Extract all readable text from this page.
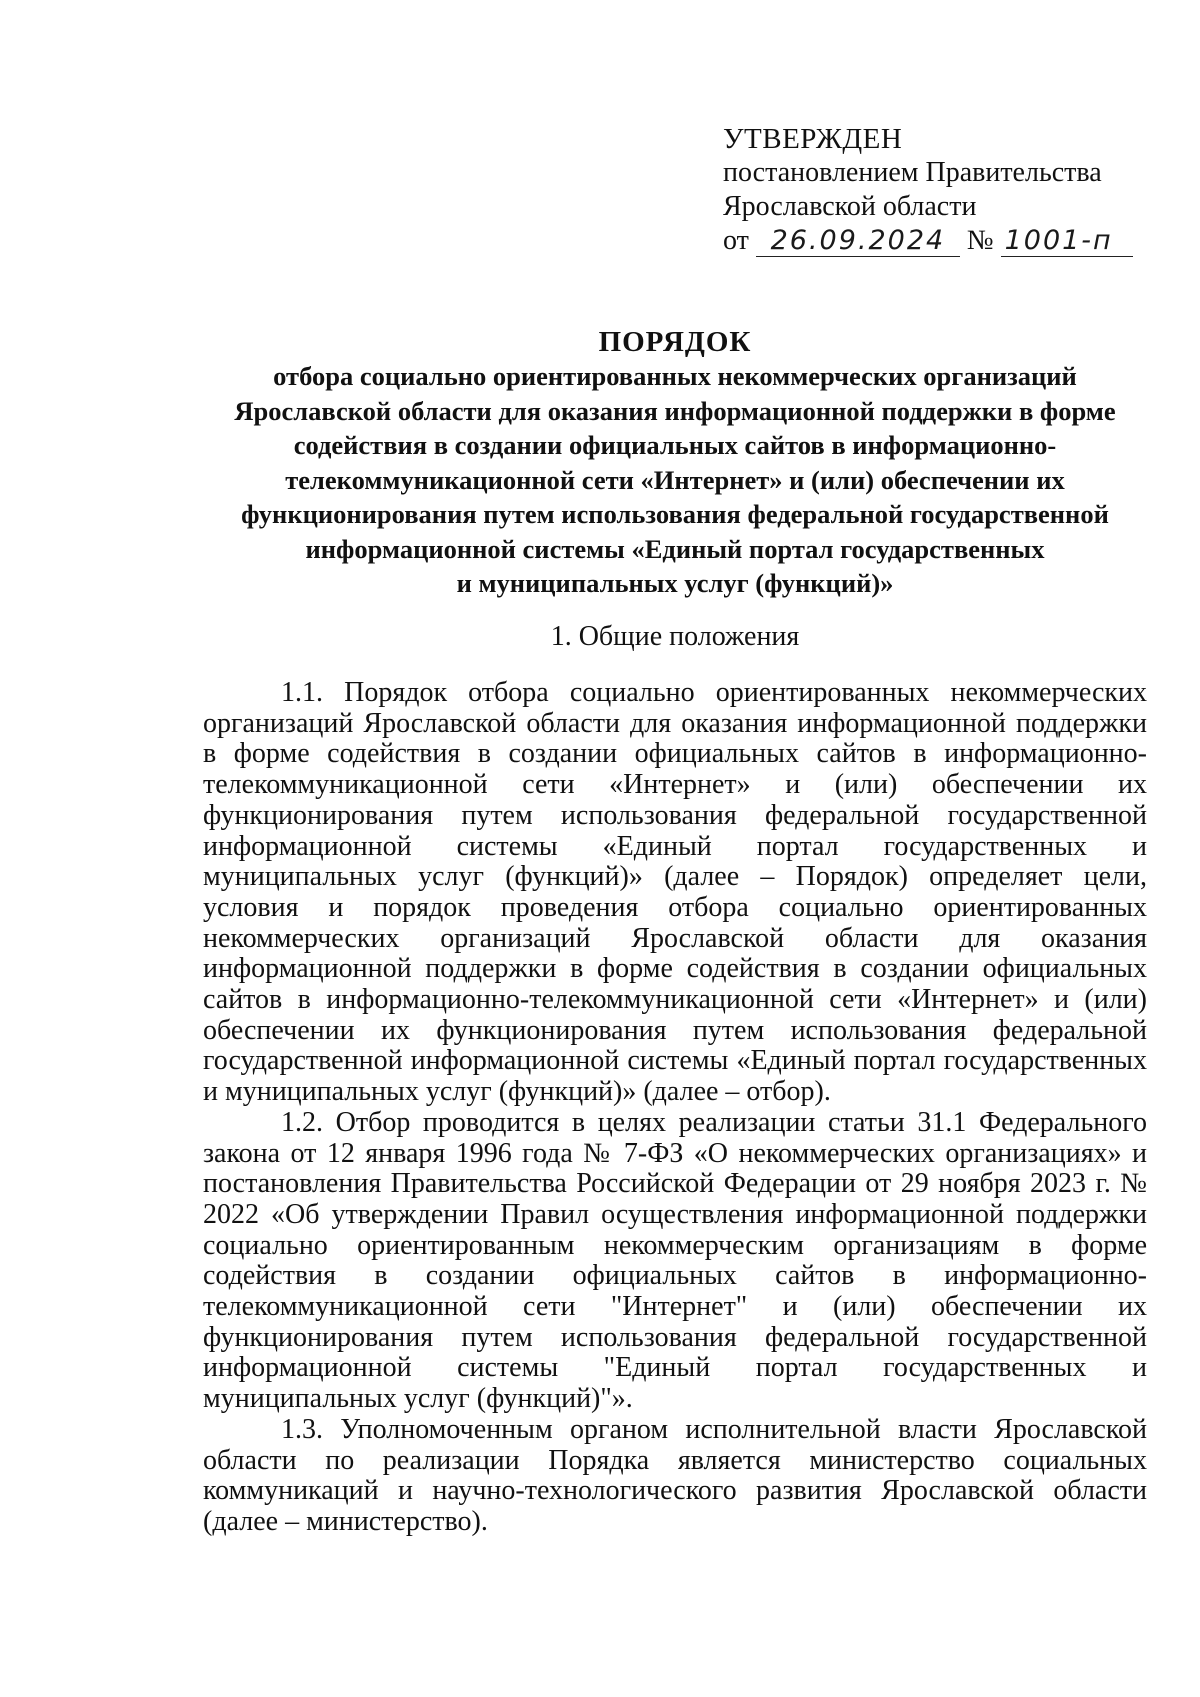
УТВЕРЖДЕН
постановлением Правительства
Ярославской области
от 26.09.2024 № 1001-п
ПОРЯДОК
отбора социально ориентированных некоммерческих организаций
Ярославской области для оказания информационной поддержки в форме
содействия в создании официальных сайтов в информационно-
телекоммуникационной сети «Интернет» и (или) обеспечении их
функционирования путем использования федеральной государственной
информационной системы «Единый портал государственных
и муниципальных услуг (функций)»
1. Общие положения

1.1. Порядок отбора социально ориентированных некоммерческих организаций Ярославской области для оказания информационной поддержки в форме содействия в создании официальных сайтов в информационно-телекоммуникационной сети «Интернет» и (или) обеспечении их функционирования путем использования федеральной государственной информационной системы «Единый портал государственных и муниципальных услуг (функций)» (далее – Порядок) определяет цели, условия и порядок проведения отбора социально ориентированных некоммерческих организаций Ярославской области для оказания информационной поддержки в форме содействия в создании официальных сайтов в информационно-телекоммуникационной сети «Интернет» и (или) обеспечении их функционирования путем использования федеральной государственной информационной системы «Единый портал государственных и муниципальных услуг (функций)» (далее – отбор).

1.2. Отбор проводится в целях реализации статьи 31.1 Федерального закона от 12 января 1996 года № 7-ФЗ «О некоммерческих организациях» и постановления Правительства Российской Федерации от 29 ноября 2023 г. № 2022 «Об утверждении Правил осуществления информационной поддержки социально ориентированным некоммерческим организациям в форме содействия в создании официальных сайтов в информационно-телекоммуникационной сети "Интернет" и (или) обеспечении их функционирования путем использования федеральной государственной информационной системы "Единый портал государственных и муниципальных услуг (функций)"».

1.3. Уполномоченным органом исполнительной власти Ярославской области по реализации Порядка является министерство социальных коммуникаций и научно-технологического развития Ярославской области (далее – министерство).
